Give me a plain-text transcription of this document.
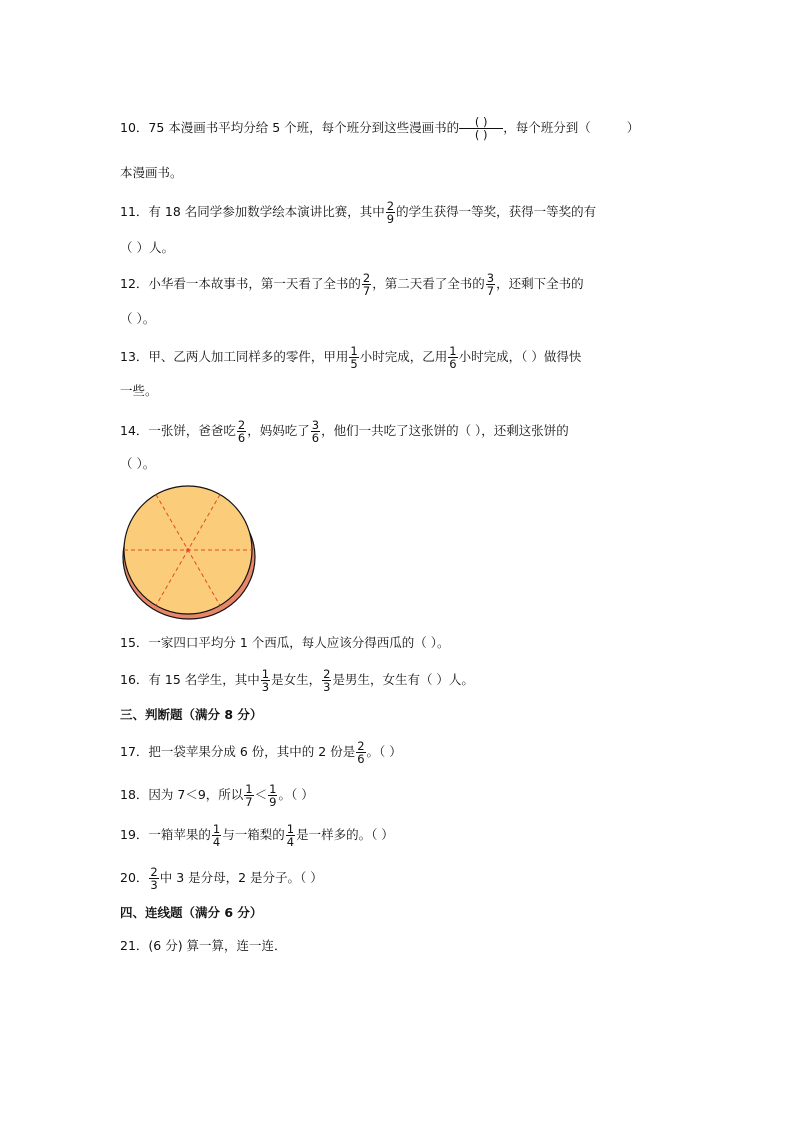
10．75 本漫画书平均分给 5 个班，每个班分到这些漫画书的 $\frac{( )}{( )}$ ，每个班分到（	）
本漫画书。
11．有 18 名同学参加数学绘本演讲比赛，其中 $\frac{2}{9}$ 的学生获得一等奖，获得一等奖的有
（ ）人。
12．小华看一本故事书，第一天看了全书的 $\frac{2}{7}$ ，第二天看了全书的 $\frac{3}{7}$ ，还剩下全书的
（ ）。
13．甲、乙两人加工同样多的零件，甲用 $\frac{1}{5}$ 小时完成，乙用 $\frac{1}{6}$ 小时完成，（ ）做得快
一些。
14．一张饼，爸爸吃 $\frac{2}{6}$ ，妈妈吃了 $\frac{3}{6}$ ，他们一共吃了这张饼的（ ），还剩这张饼的
（ ）。
15．一家四口平均分 1 个西瓜，每人应该分得西瓜的（ ）。
16．有 15 名学生，其中 $\frac{1}{3}$ 是女生， $\frac{2}{3}$ 是男生，女生有（ ）人。
三、判断题（满分 8 分）
17．把一袋苹果分成 6 份，其中的 2 份是 $\frac{2}{6}$ 。（ ）
18．因为 7＜9，所以 $\frac{1}{7} < \frac{1}{9}$ 。（ ）
19．一箱苹果的 $\frac{1}{4}$ 与一箱梨的 $\frac{1}{4}$ 是一样多的。（ ）
20． $\frac{2}{3}$ 中 3 是分母，2 是分子。（ ）
四、连线题（满分 6 分）
21．(6 分) 算一算，连一连．
